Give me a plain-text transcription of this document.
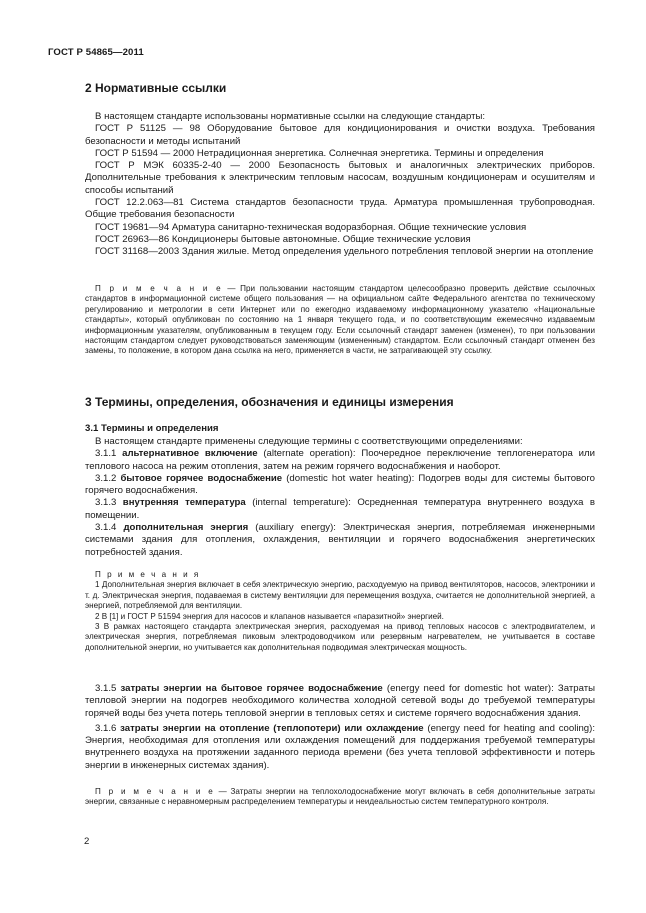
ГОСТ Р 54865—2011
2 Нормативные ссылки

В настоящем стандарте использованы нормативные ссылки на следующие стандарты:

ГОСТ Р 51125 — 98 Оборудование бытовое для кондиционирования и очистки воздуха. Требования безопасности и методы испытаний

ГОСТ Р 51594 — 2000 Нетрадиционная энергетика. Солнечная энергетика. Термины и определения

ГОСТ Р МЭК 60335-2-40 — 2000 Безопасность бытовых и аналогичных электрических приборов. Дополнительные требования к электрическим тепловым насосам, воздушным кондиционерам и осушителям и способы испытаний

ГОСТ 12.2.063—81 Система стандартов безопасности труда. Арматура промышленная трубопроводная. Общие требования безопасности

ГОСТ 19681—94 Арматура санитарно-техническая водоразборная. Общие технические условия

ГОСТ 26963—86 Кондиционеры бытовые автономные. Общие технические условия

ГОСТ 31168—2003 Здания жилые. Метод определения удельного потребления тепловой энергии на отопление

П р и м е ч а н и е — При пользовании настоящим стандартом целесообразно проверить действие ссылочных стандартов в информационной системе общего пользования — на официальном сайте Федерального агентства по техническому регулированию и метрологии в сети Интернет или по ежегодно издаваемому информационному указателю «Национальные стандарты», который опубликован по состоянию на 1 января текущего года, и по соответствующим ежемесячно издаваемым информационным указателям, опубликованным в текущем году. Если ссылочный стандарт заменен (изменен), то при пользовании настоящим стандартом следует руководствоваться заменяющим (измененным) стандартом. Если ссылочный стандарт отменен без замены, то положение, в котором дана ссылка на него, применяется в части, не затрагивающей эту ссылку.

3 Термины, определения, обозначения и единицы измерения
3.1 Термины и определения

В настоящем стандарте применены следующие термины с соответствующими определениями:

3.1.1 альтернативное включение (alternate operation): Поочередное переключение теплогенератора или теплового насоса на режим отопления, затем на режим горячего водоснабжения и наоборот.

3.1.2 бытовое горячее водоснабжение (domestic hot water heating): Подогрев воды для системы бытового горячего водоснабжения.

3.1.3 внутренняя температура (internal temperature): Осредненная температура внутреннего воздуха в помещении.

3.1.4 дополнительная энергия (auxiliary energy): Электрическая энергия, потребляемая инженерными системами здания для отопления, охлаждения, вентиляции и горячего водоснабжения энергетических потребностей здания.

П р и м е ч а н и я

1 Дополнительная энергия включает в себя электрическую энергию, расходуемую на привод вентиляторов, насосов, электроники и т. д. Электрическая энергия, подаваемая в систему вентиляции для перемещения воздуха, считается не дополнительной энергией, а энергией, потребляемой для вентиляции.

2 В [1] и ГОСТ Р 51594 энергия для насосов и клапанов называется «паразитной» энергией.

3 В рамках настоящего стандарта электрическая энергия, расходуемая на привод тепловых насосов с электродвигателем, и электрическая энергия, потребляемая пиковым электродоводчиком или резервным нагревателем, не учитывается в составе дополнительной энергии, но учитывается как дополнительная подводимая электрическая мощность.

3.1.5 затраты энергии на бытовое горячее водоснабжение (energy need for domestic hot water): Затраты тепловой энергии на подогрев необходимого количества холодной сетевой воды до требуемой температуры горячей воды без учета потерь тепловой энергии в тепловых сетях и системе горячего водоснабжения здания.

3.1.6 затраты энергии на отопление (теплопотери) или охлаждение (energy need for heating and cooling): Энергия, необходимая для отопления или охлаждения помещений для поддержания требуемой температуры внутреннего воздуха на протяжении заданного периода времени (без учета тепловой эффективности и потерь энергии в инженерных системах здания).

П р и м е ч а н и е — Затраты энергии на теплохолодоснабжение могут включать в себя дополнительные затраты энергии, связанные с неравномерным распределением температуры и неидеальностью систем температурного контроля.

2
